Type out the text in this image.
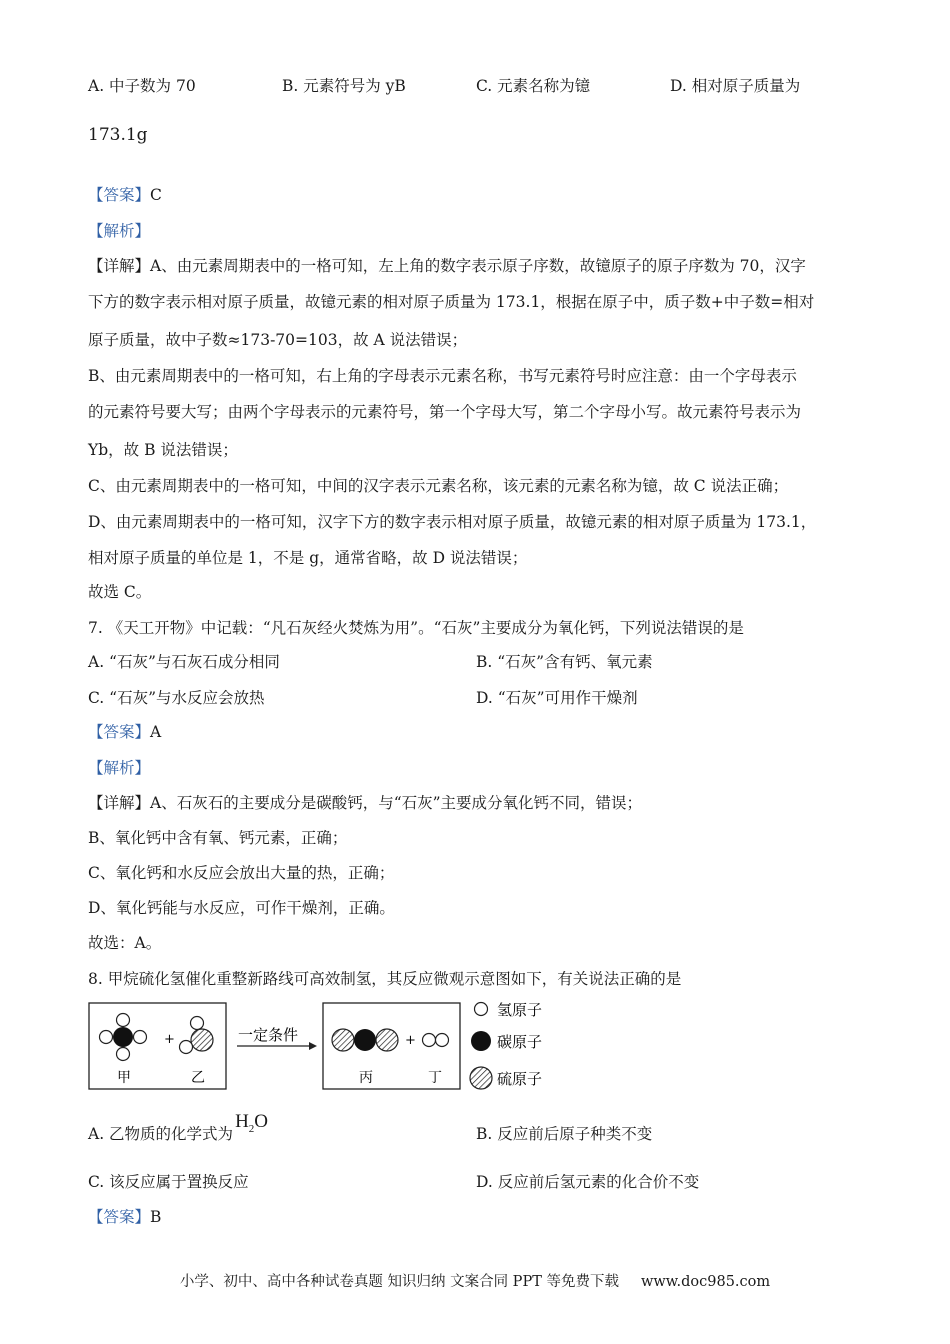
A. 中子数为 70	B. 元素符号为 yB	C. 元素名称为镱	D. 相对原子质量为
173.1g
【答案】C
【解析】
【详解】A、由元素周期表中的一格可知，左上角的数字表示原子序数，故镱原子的原子序数为 70，汉字
下方的数字表示相对原子质量，故镱元素的相对原子质量为 173.1，根据在原子中，质子数+中子数=相对
原子质量，故中子数≈173-70=103，故 A 说法错误；
B、由元素周期表中的一格可知，右上角的字母表示元素名称，书写元素符号时应注意：由一个字母表示
的元素符号要大写；由两个字母表示的元素符号，第一个字母大写，第二个字母小写。故元素符号表示为
Yb，故 B 说法错误；
C、由元素周期表中的一格可知，中间的汉字表示元素名称，该元素的元素名称为镱，故 C 说法正确；
D、由元素周期表中的一格可知，汉字下方的数字表示相对原子质量，故镱元素的相对原子质量为 173.1，
相对原子质量的单位是 1，不是 g，通常省略，故 D 说法错误；
故选 C。
7. 《天工开物》中记载：“凡石灰经火焚炼为用”。“石灰”主要成分为氧化钙，下列说法错误的是
A. “石灰”与石灰石成分相同	B. “石灰”含有钙、氧元素
C. “石灰”与水反应会放热	D. “石灰”可用作干燥剂
【答案】A
【解析】
【详解】A、石灰石的主要成分是碳酸钙，与“石灰”主要成分氧化钙不同，错误；
B、氧化钙中含有氧、钙元素，正确；
C、氧化钙和水反应会放出大量的热，正确；
D、氧化钙能与水反应，可作干燥剂，正确。
故选：A。
8. 甲烷硫化氢催化重整新路线可高效制氢，其反应微观示意图如下，有关说法正确的是
+
甲	乙
一定条件	+
丙	丁
氢原子
碳原子
硫原子
A. 乙物质的化学式为$H_2O$
B. 反应前后原子种类不变
C. 该反应属于置换反应	D. 反应前后氢元素的化合价不变
【答案】B
小学、初中、高中各种试卷真题 知识归纳 文案合同 PPT 等免费下载 www.doc985.com
